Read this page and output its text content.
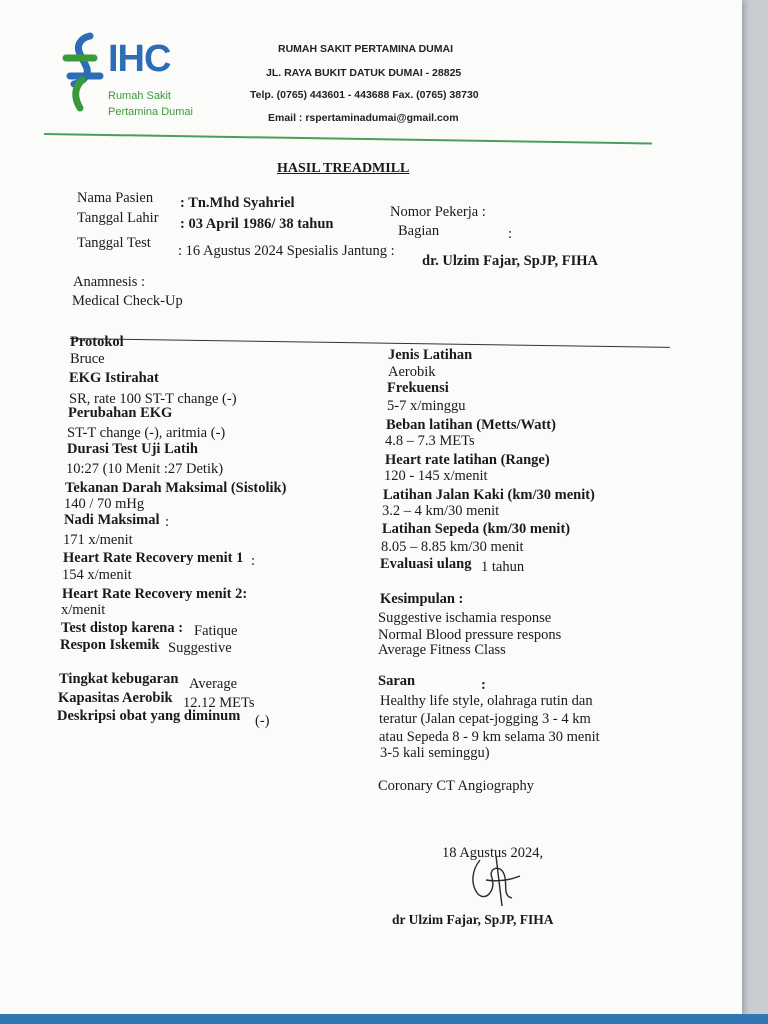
IHC
Rumah Sakit
Pertamina Dumai
RUMAH SAKIT PERTAMINA DUMAI
JL. RAYA BUKIT DATUK DUMAI - 28825
Telp. (0765) 443601 - 443688 Fax. (0765) 38730
Email : rspertaminadumai@gmail.com
HASIL TREADMILL
Nama Pasien : Tn.Mhd Syahriel
Tanggal Lahir : 03 April 1986/ 38 tahun
Nomor Pekerja :
Bagian	:
Tanggal Test : 16 Agustus 2024 Spesialis Jantung :
dr. Ulzim Fajar, SpJP, FIHA
Anamnesis :
Medical Check-Up
Protokol
Bruce
EKG Istirahat
SR, rate 100 ST-T change (-)
Perubahan EKG
ST-T change (-), aritmia (-)
Durasi Test Uji Latih
10:27 (10 Menit :27 Detik)
Tekanan Darah Maksimal (Sistolik)
140 / 70 mHg
Nadi Maksimal :
171 x/menit
Heart Rate Recovery menit 1 :
154 x/menit
Heart Rate Recovery menit 2:
x/menit
Test distop karena : Fatique
Respon Iskemik Suggestive
Tingkat kebugaran Average
Kapasitas Aerobik 12.12 METs
Deskripsi obat yang diminum (-)
Jenis Latihan
Aerobik
Frekuensi
5-7 x/minggu
Beban latihan (Metts/Watt)
4.8 – 7.3 METs
Heart rate latihan (Range)
120 - 145 x/menit
Latihan Jalan Kaki (km/30 menit)
3.2 – 4 km/30 menit
Latihan Sepeda (km/30 menit)
8.05 – 8.85 km/30 menit
Evaluasi ulang 1 tahun
Kesimpulan :
Suggestive ischamia response
Normal Blood pressure respons
Average Fitness Class
Saran	:
Healthy life style, olahraga rutin dan
teratur (Jalan cepat-jogging 3 - 4 km
atau Sepeda 8 - 9 km selama 30 menit
3-5 kali seminggu)
Coronary CT Angiography
18 Agustus 2024,
dr Ulzim Fajar, SpJP, FIHA
